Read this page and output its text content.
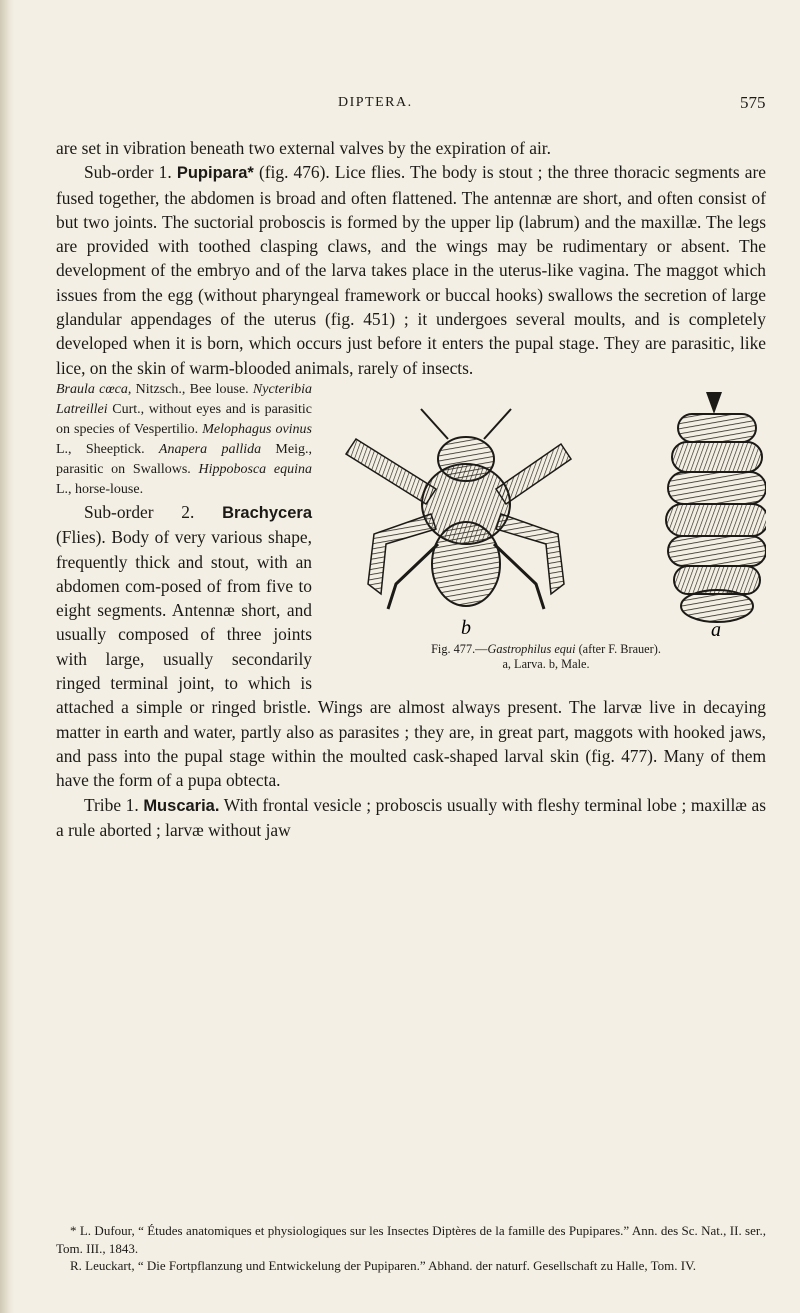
DIPTERA.	575

are set in vibration beneath two external valves by the expiration of air.

Sub-order 1. Pupipara* (fig. 476). Lice flies. The body is stout ; the three thoracic segments are fused together, the abdomen is broad and often flattened. The antennæ are short, and often consist of but two joints. The suctorial proboscis is formed by the upper lip (labrum) and the maxillæ. The legs are provided with toothed clasping claws, and the wings may be rudimentary or absent. The development of the embryo and of the larva takes place in the uterus-like vagina. The maggot which issues from the egg (without pharyngeal framework or buccal hooks) swallows the secretion of large glandular appendages of the uterus (fig. 451) ; it undergoes several moults, and is completely developed when it is born, which occurs just before it enters the pupal stage. They are parasitic, like lice, on the skin of warm-blooded animals, rarely of insects.

b	a
Fig. 477.—Gastrophilus equi (after F. Brauer).
a, Larva. b, Male.

Braula cœca, Nitzsch., Bee louse. Nycteribia Latreillei Curt., without eyes and is parasitic on species of Vespertilio. Melophagus ovinus L., Sheeptick. Anapera pallida Meig., parasitic on Swallows. Hippobosca equina L., horse-louse.

Sub-order 2. Brachycera (Flies). Body of very various shape, frequently thick and stout, with an abdomen com-posed of from five to eight segments. Antennæ short, and usually composed of three joints with large, usually secondarily ringed terminal joint, to which is attached a simple or ringed bristle. Wings are almost always present. The larvæ live in decaying matter in earth and water, partly also as parasites ; they are, in great part, maggots with hooked jaws, and pass into the pupal stage within the moulted cask-shaped larval skin (fig. 477). Many of them have the form of a pupa obtecta.

Tribe 1. Muscaria. With frontal vesicle ; proboscis usually with fleshy terminal lobe ; maxillæ as a rule aborted ; larvæ without jaw

* L. Dufour, “ Études anatomiques et physiologiques sur les Insectes Diptères de la famille des Pupipares.” Ann. des Sc. Nat., II. ser., Tom. III., 1843.

R. Leuckart, “ Die Fortpflanzung und Entwickelung der Pupiparen.” Abhand. der naturf. Gesellschaft zu Halle, Tom. IV.
